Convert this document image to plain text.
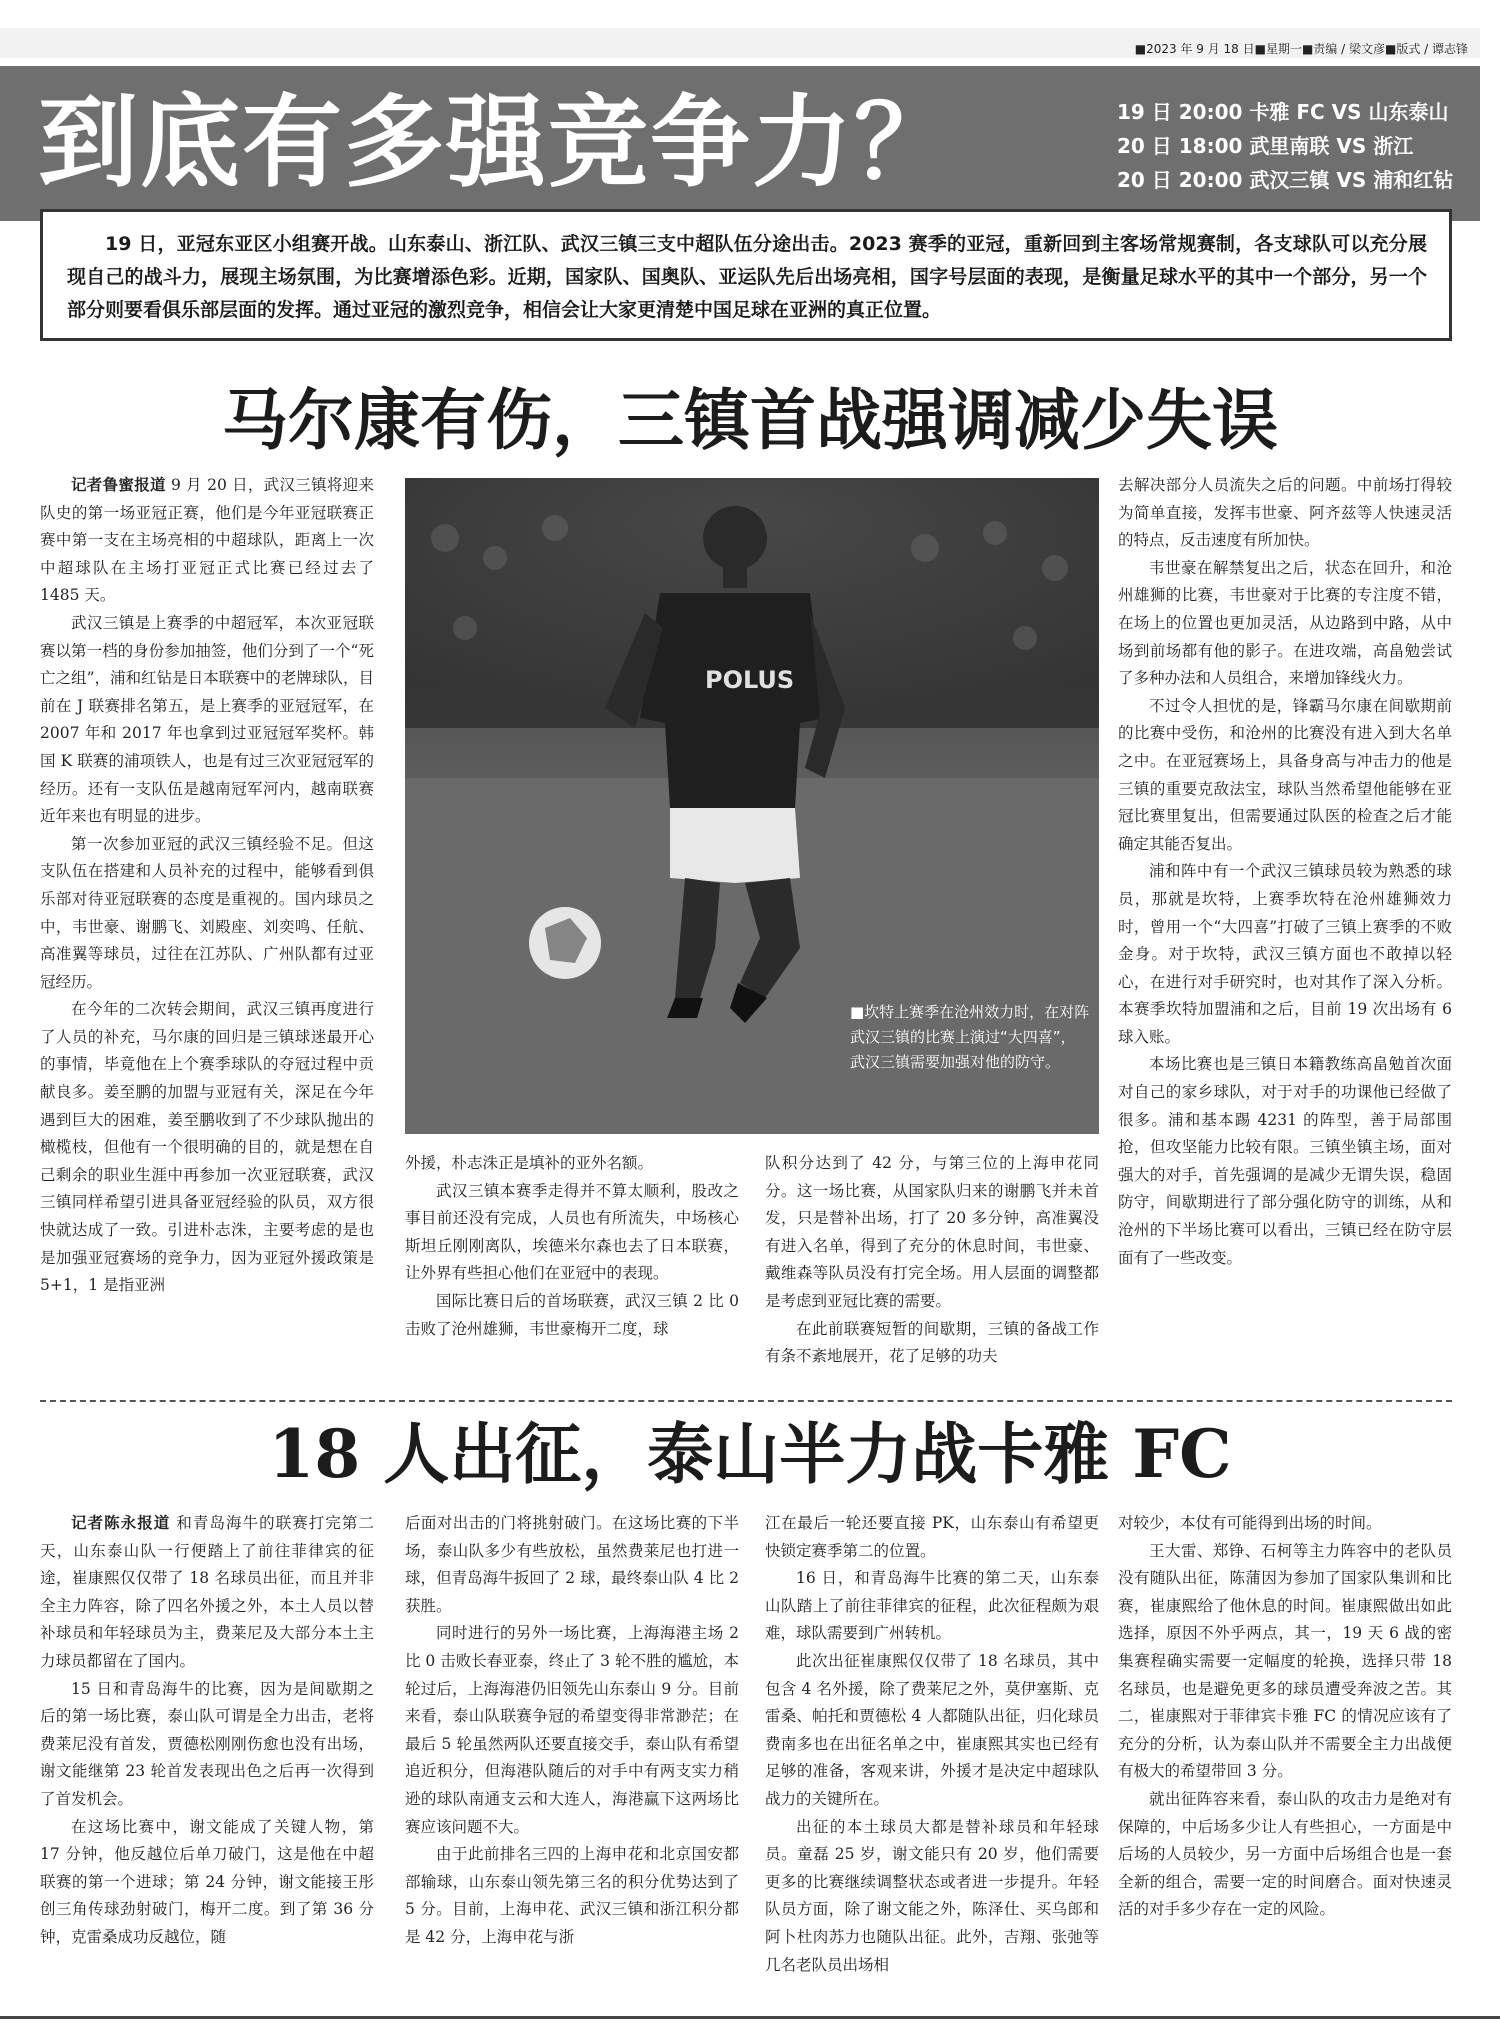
■2023 年 9 月 18 日■星期一■责编 / 梁文彦■版式 / 谭志锋
到底有多强竞争力？	19 日 20:00 卡雅 FC VS 山东泰山
20 日 18:00 武里南联 VS 浙江
20 日 20:00 武汉三镇 VS 浦和红钻

19 日，亚冠东亚区小组赛开战。山东泰山、浙江队、武汉三镇三支中超队伍分途出击。2023 赛季的亚冠，重新回到主客场常规赛制，各支球队可以充分展现自己的战斗力，展现主场氛围，为比赛增添色彩。近期，国家队、国奥队、亚运队先后出场亮相，国字号层面的表现，是衡量足球水平的其中一个部分，另一个部分则要看俱乐部层面的发挥。通过亚冠的激烈竞争，相信会让大家更清楚中国足球在亚洲的真正位置。

马尔康有伤，三镇首战强调减少失误

记者鲁蜜报道 9 月 20 日，武汉三镇将迎来队史的第一场亚冠正赛，他们是今年亚冠联赛正赛中第一支在主场亮相的中超球队，距离上一次中超球队在主场打亚冠正式比赛已经过去了 1485 天。

武汉三镇是上赛季的中超冠军，本次亚冠联赛以第一档的身份参加抽签，他们分到了一个“死亡之组”，浦和红钻是日本联赛中的老牌球队，目前在 J 联赛排名第五，是上赛季的亚冠冠军，在 2007 年和 2017 年也拿到过亚冠冠军奖杯。韩国 K 联赛的浦项铁人，也是有过三次亚冠冠军的经历。还有一支队伍是越南冠军河内，越南联赛近年来也有明显的进步。

第一次参加亚冠的武汉三镇经验不足。但这支队伍在搭建和人员补充的过程中，能够看到俱乐部对待亚冠联赛的态度是重视的。国内球员之中，韦世豪、谢鹏飞、刘殿座、刘奕鸣、任航、高准翼等球员，过往在江苏队、广州队都有过亚冠经历。

在今年的二次转会期间，武汉三镇再度进行了人员的补充，马尔康的回归是三镇球迷最开心的事情，毕竟他在上个赛季球队的夺冠过程中贡献良多。姜至鹏的加盟与亚冠有关，深足在今年遇到巨大的困难，姜至鹏收到了不少球队抛出的橄榄枝，但他有一个很明确的目的，就是想在自己剩余的职业生涯中再参加一次亚冠联赛，武汉三镇同样希望引进具备亚冠经验的队员，双方很快就达成了一致。引进朴志洙，主要考虑的是也是加强亚冠赛场的竞争力，因为亚冠外援政策是 5+1，1 是指亚洲

POLUS
■坎特上赛季在沧州效力时，在对阵武汉三镇的比赛上演过“大四喜”，武汉三镇需要加强对他的防守。

外援，朴志洙正是填补的亚外名额。

武汉三镇本赛季走得并不算太顺利，股改之事目前还没有完成，人员也有所流失，中场核心斯坦丘刚刚离队，埃德米尔森也去了日本联赛，让外界有些担心他们在亚冠中的表现。

国际比赛日后的首场联赛，武汉三镇 2 比 0 击败了沧州雄狮，韦世豪梅开二度，球

队积分达到了 42 分，与第三位的上海申花同分。这一场比赛，从国家队归来的谢鹏飞并未首发，只是替补出场，打了 20 多分钟，高准翼没有进入名单，得到了充分的休息时间，韦世豪、戴维森等队员没有打完全场。用人层面的调整都是考虑到亚冠比赛的需要。

在此前联赛短暂的间歇期，三镇的备战工作有条不紊地展开，花了足够的功夫

去解决部分人员流失之后的问题。中前场打得较为简单直接，发挥韦世豪、阿齐兹等人快速灵活的特点，反击速度有所加快。

韦世豪在解禁复出之后，状态在回升，和沧州雄狮的比赛，韦世豪对于比赛的专注度不错，在场上的位置也更加灵活，从边路到中路，从中场到前场都有他的影子。在进攻端，高畠勉尝试了多种办法和人员组合，来增加锋线火力。

不过令人担忧的是，锋霸马尔康在间歇期前的比赛中受伤，和沧州的比赛没有进入到大名单之中。在亚冠赛场上，具备身高与冲击力的他是三镇的重要克敌法宝，球队当然希望他能够在亚冠比赛里复出，但需要通过队医的检查之后才能确定其能否复出。

浦和阵中有一个武汉三镇球员较为熟悉的球员，那就是坎特，上赛季坎特在沧州雄狮效力时，曾用一个“大四喜”打破了三镇上赛季的不败金身。对于坎特，武汉三镇方面也不敢掉以轻心，在进行对手研究时，也对其作了深入分析。本赛季坎特加盟浦和之后，目前 19 次出场有 6 球入账。

本场比赛也是三镇日本籍教练高畠勉首次面对自己的家乡球队，对于对手的功课他已经做了很多。浦和基本踢 4231 的阵型，善于局部围抢，但攻坚能力比较有限。三镇坐镇主场，面对强大的对手，首先强调的是减少无谓失误，稳固防守，间歇期进行了部分强化防守的训练，从和沧州的下半场比赛可以看出，三镇已经在防守层面有了一些改变。

18 人出征，泰山半力战卡雅 FC

记者陈永报道 和青岛海牛的联赛打完第二天，山东泰山队一行便踏上了前往菲律宾的征途，崔康熙仅仅带了 18 名球员出征，而且并非全主力阵容，除了四名外援之外，本土人员以替补球员和年轻球员为主，费莱尼及大部分本土主力球员都留在了国内。

15 日和青岛海牛的比赛，因为是间歇期之后的第一场比赛，泰山队可谓是全力出击，老将费莱尼没有首发，贾德松刚刚伤愈也没有出场，谢文能继第 23 轮首发表现出色之后再一次得到了首发机会。

在这场比赛中，谢文能成了关键人物，第 17 分钟，他反越位后单刀破门，这是他在中超联赛的第一个进球；第 24 分钟，谢文能接王彤创三角传球劲射破门，梅开二度。到了第 36 分钟，克雷桑成功反越位，随

后面对出击的门将挑射破门。在这场比赛的下半场，泰山队多少有些放松，虽然费莱尼也打进一球，但青岛海牛扳回了 2 球，最终泰山队 4 比 2 获胜。

同时进行的另外一场比赛，上海海港主场 2 比 0 击败长春亚泰，终止了 3 轮不胜的尴尬，本轮过后，上海海港仍旧领先山东泰山 9 分。目前来看，泰山队联赛争冠的希望变得非常渺茫；在最后 5 轮虽然两队还要直接交手，泰山队有希望追近积分，但海港队随后的对手中有两支实力稍逊的球队南通支云和大连人，海港赢下这两场比赛应该问题不大。

由于此前排名三四的上海申花和北京国安都部输球，山东泰山领先第三名的积分优势达到了 5 分。目前，上海申花、武汉三镇和浙江积分都是 42 分，上海申花与浙

江在最后一轮还要直接 PK，山东泰山有希望更快锁定赛季第二的位置。

16 日，和青岛海牛比赛的第二天，山东泰山队踏上了前往菲律宾的征程，此次征程颇为艰难，球队需要到广州转机。

此次出征崔康熙仅仅带了 18 名球员，其中包含 4 名外援，除了费莱尼之外，莫伊塞斯、克雷桑、帕托和贾德松 4 人都随队出征，归化球员费南多也在出征名单之中，崔康熙其实也已经有足够的准备，客观来讲，外援才是决定中超球队战力的关键所在。

出征的本土球员大都是替补球员和年轻球员。童磊 25 岁，谢文能只有 20 岁，他们需要更多的比赛继续调整状态或者进一步提升。年轻队员方面，除了谢文能之外，陈泽仕、买乌郎和阿卜杜肉苏力也随队出征。此外，吉翔、张弛等几名老队员出场相

对较少，本仗有可能得到出场的时间。

王大雷、郑铮、石柯等主力阵容中的老队员没有随队出征，陈蒲因为参加了国家队集训和比赛，崔康熙给了他休息的时间。崔康熙做出如此选择，原因不外乎两点，其一，19 天 6 战的密集赛程确实需要一定幅度的轮换，选择只带 18 名球员，也是避免更多的球员遭受奔波之苦。其二，崔康熙对于菲律宾卡雅 FC 的情况应该有了充分的分析，认为泰山队并不需要全主力出战便有极大的希望带回 3 分。

就出征阵容来看，泰山队的攻击力是绝对有保障的，中后场多少让人有些担心，一方面是中后场的人员较少，另一方面中后场组合也是一套全新的组合，需要一定的时间磨合。面对快速灵活的对手多少存在一定的风险。
